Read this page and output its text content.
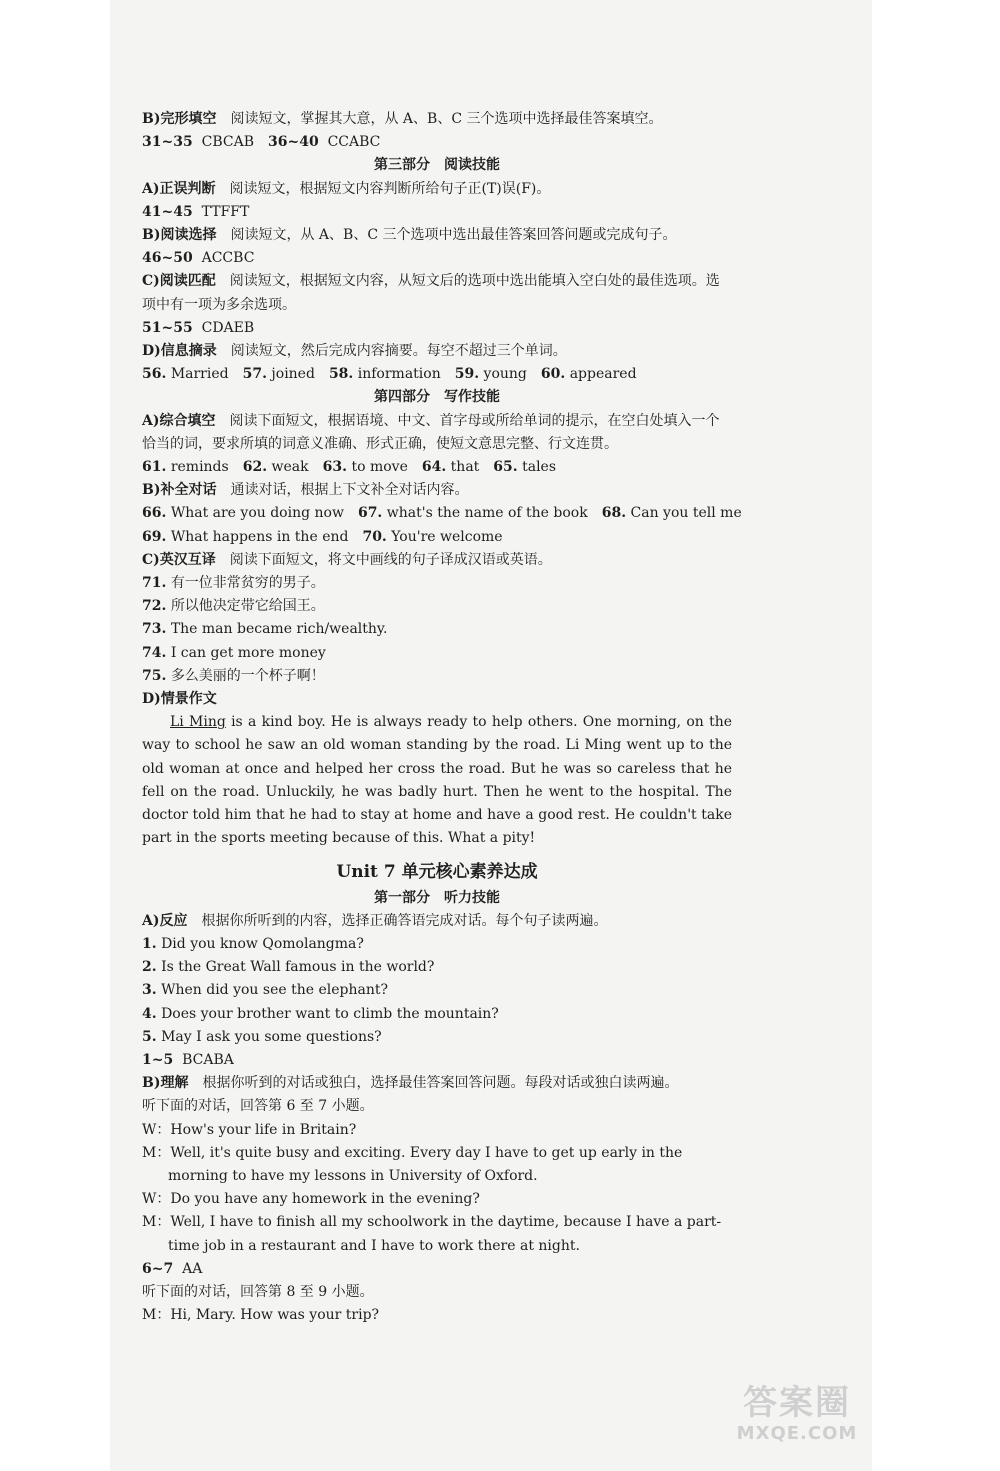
B)完形填空 阅读短文，掌握其大意，从 A、B、C 三个选项中选择最佳答案填空。
31~35 CBCAB 36~40 CCABC
第三部分　阅读技能
A)正误判断 阅读短文，根据短文内容判断所给句子正(T)误(F)。
41~45 TTFFT
B)阅读选择 阅读短文，从 A、B、C 三个选项中选出最佳答案回答问题或完成句子。
46~50 ACCBC
C)阅读匹配 阅读短文，根据短文内容，从短文后的选项中选出能填入空白处的最佳选项。选项中有一项为多余选项。
51~55 CDAEB
D)信息摘录 阅读短文，然后完成内容摘要。每空不超过三个单词。
56. Married 57. joined 58. information 59. young 60. appeared
第四部分　写作技能
A)综合填空 阅读下面短文，根据语境、中文、首字母或所给单词的提示，在空白处填入一个恰当的词，要求所填的词意义准确、形式正确，使短文意思完整、行文连贯。
61. reminds 62. weak 63. to move 64. that 65. tales
B)补全对话 通读对话，根据上下文补全对话内容。
66. What are you doing now 67. what's the name of the book 68. Can you tell me
69. What happens in the end 70. You're welcome
C)英汉互译 阅读下面短文，将文中画线的句子译成汉语或英语。
71. 有一位非常贫穷的男子。
72. 所以他决定带它给国王。
73. The man became rich/wealthy.
74. I can get more money
75. 多么美丽的一个杯子啊！
D)情景作文
Li Ming is a kind boy. He is always ready to help others. One morning, on the way to school he saw an old woman standing by the road. Li Ming went up to the old woman at once and helped her cross the road. But he was so careless that he fell on the road. Unluckily, he was badly hurt. Then he went to the hospital. The doctor told him that he had to stay at home and have a good rest. He couldn't take part in the sports meeting because of this. What a pity!
Unit 7 单元核心素养达成
第一部分　听力技能
A)反应 根据你所听到的内容，选择正确答语完成对话。每个句子读两遍。
1. Did you know Qomolangma?
2. Is the Great Wall famous in the world?
3. When did you see the elephant?
4. Does your brother want to climb the mountain?
5. May I ask you some questions?
1~5 BCABA
B)理解 根据你听到的对话或独白，选择最佳答案回答问题。每段对话或独白读两遍。
听下面的对话，回答第 6 至 7 小题。
W：How's your life in Britain?
M：Well, it's quite busy and exciting. Every day I have to get up early in the morning to have my lessons in University of Oxford.
W：Do you have any homework in the evening?
M：Well, I have to finish all my schoolwork in the daytime, because I have a part-time job in a restaurant and I have to work there at night.
6~7 AA
听下面的对话，回答第 8 至 9 小题。
M：Hi, Mary. How was your trip?
答案圈
MXQE.COM
